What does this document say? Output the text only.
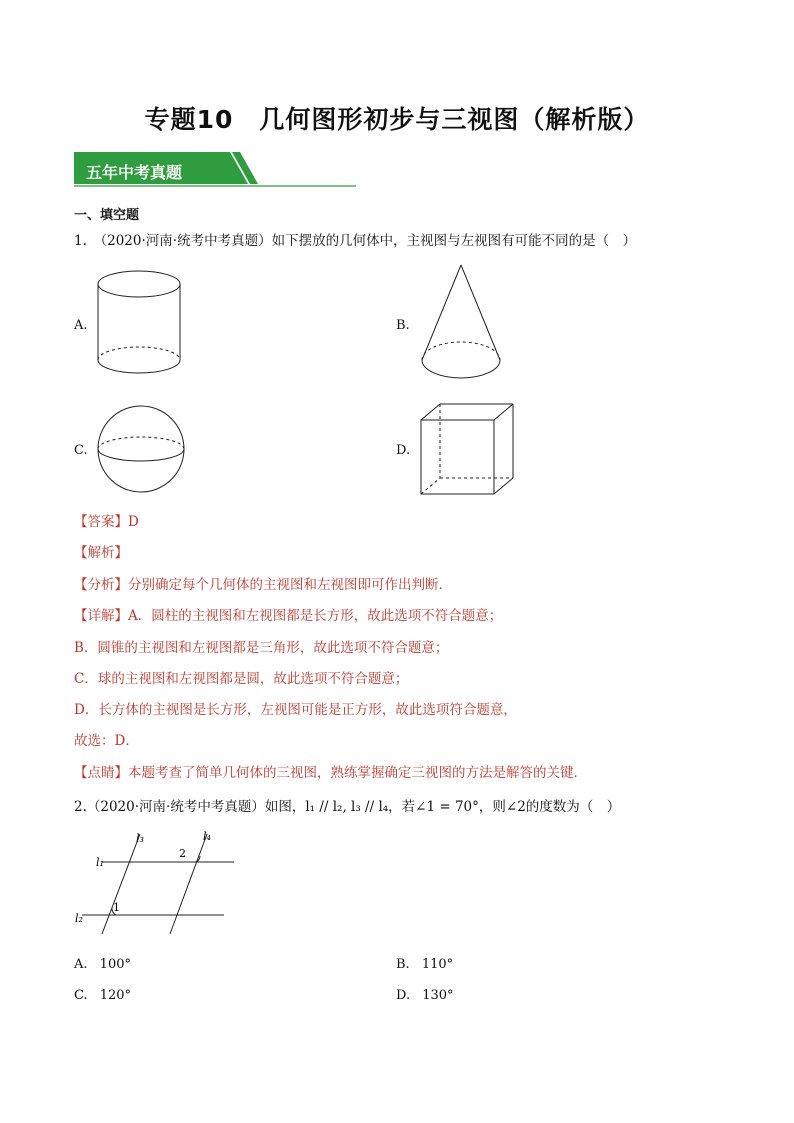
专题10　几何图形初步与三视图（解析版）
五年中考真题
一、填空题
1.　（2020·河南·统考中考真题）如下摆放的几何体中，主视图与左视图有可能不同的是（　）
A.	B.
C.	D.
【答案】D
【解析】
【分析】分别确定每个几何体的主视图和左视图即可作出判断．
【详解】A．圆柱的主视图和左视图都是长方形，故此选项不符合题意；
B．圆锥的主视图和左视图都是三角形，故此选项不符合题意；
C．球的主视图和左视图都是圆，故此选项不符合题意；
D．长方体的主视图是长方形，左视图可能是正方形，故此选项符合题意，
故选：D．
【点睛】本题考查了简单几何体的三视图，熟练掌握确定三视图的方法是解答的关键．
2.（2020·河南·统考中考真题）如图，l₁ // l₂, l₃ // l₄，若∠1 = 70°，则∠2的度数为（　）
l₃	l₄
l₁
l₂
1
2
A. 100°	B. 110°
C. 120°	D. 130°
